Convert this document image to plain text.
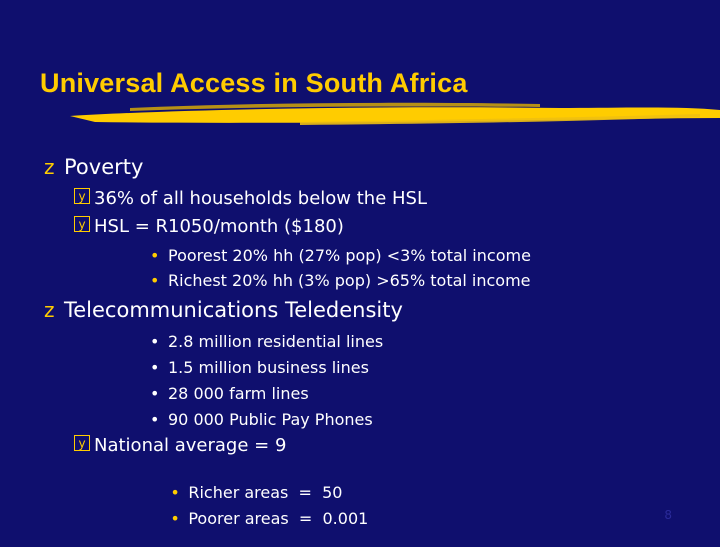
Universal Access in South Africa
z Poverty
y 36% of all households below the HSL
y HSL = R1050/month ($180)
• Poorest 20% hh (27% pop) <3% total income
• Richest 20% hh (3% pop) >65% total income
z Telecommunications Teledensity
• 2.8 million residential lines
• 1.5 million business lines
• 28 000 farm lines
• 90 000 Public Pay Phones
y National average = 9

• Richer areas  =  50

• Poorer areas  =  0.001
	8
